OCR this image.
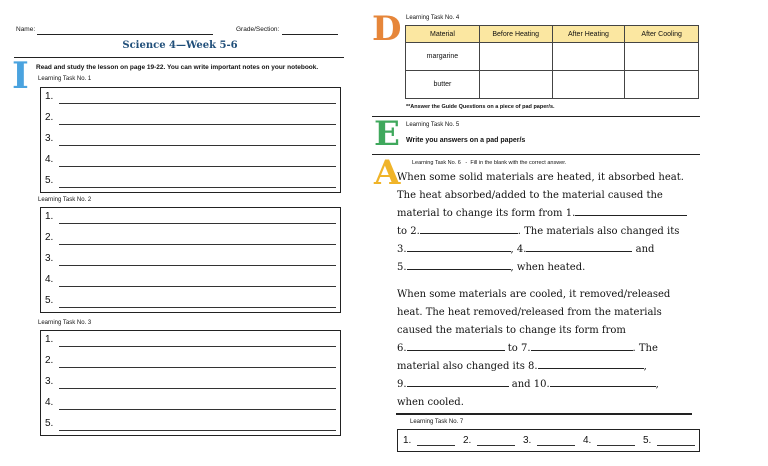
Name:	Grade/Section:
Science 4—Week 5-6
I Read and study the lesson on page 19-22. You can write important notes on your notebook.
Learning Task No. 1
1.
2.
3.
4.
5.
Learning Task No. 2
1.
2.
3.
4.
5.
Learning Task No. 3
1.
2.
3.
4.
5.
D Learning Task No. 4
Material	Before Heating	After Heating	After Cooling
margarine			
butter			
**Answer the Guide Questions on a piece of pad paper/s.
E Learning Task No. 5
Write you answers on a pad paper/s
A Learning Task No. 6 - Fill in the blank with the correct answer.
When some solid materials are heated, it absorbed heat.
The heat absorbed/added to the material caused the
material to change its form from 1.
to 2.	. The materials also changed its
3.	, 4.	and
5.	, when heated.
When some materials are cooled, it removed/released
heat. The heat removed/released from the materials
caused the materials to change its form from
6.	to 7.	. The
material also changed its 8.	,
9.	and 10.	,
when cooled.
Learning Task No. 7
1.	2.	3.	4.	5.
